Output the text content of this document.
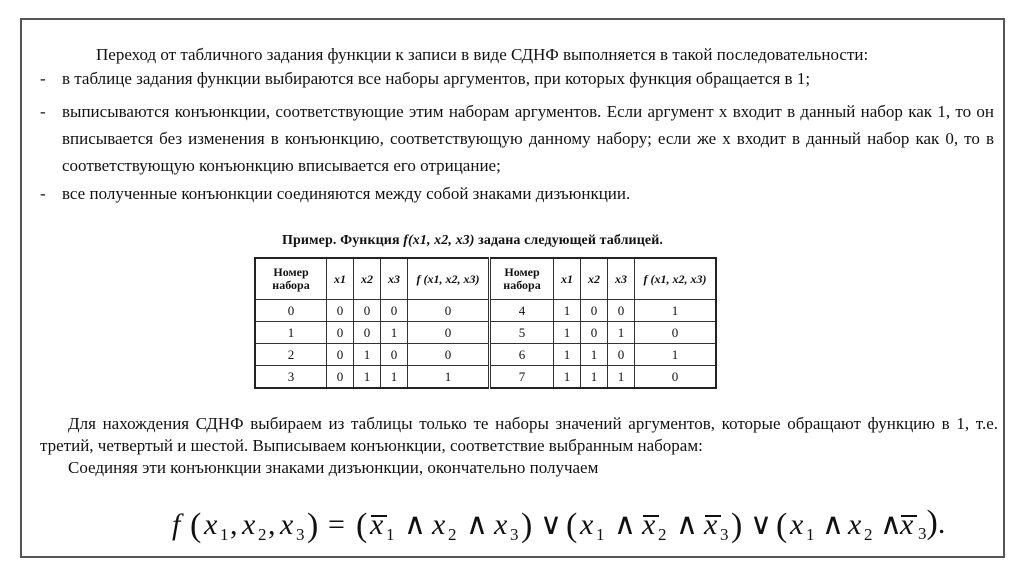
Переход от табличного задания функции к записи в виде СДНФ выполняется в такой последовательности:

- в таблице задания функции выбираются все наборы аргументов, при которых функция обращается в 1;
- выписываются конъюнкции, соответствующие этим наборам аргументов. Если аргумент x входит в данный набор как 1, то он вписывается без изменения в конъюнкцию, соответствующую данному набору; если же x входит в данный набор как 0, то в соответствующую конъюнкцию вписывается его отрицание;
- все полученные конъюнкции соединяются между собой знаками дизъюнкции.
Пример. Функция f(x1, x2, x3) задана следующей таблицей.
Номер набора	x1	x2	x3	f (x1, x2, x3)	Номер набора	x1	x2	x3	f (x1, x2, x3)
0	0	0	0	0	4	1	0	0	1
1	0	0	1	0	5	1	0	1	0
2	0	1	0	0	6	1	1	0	1
3	0	1	1	1	7	1	1	1	0

Для нахождения СДНФ выбираем из таблицы только те наборы значений аргументов, которые обращают функцию в 1, т.е. третий, четвертый и шестой. Выписываем конъюнкции, соответствие выбранным наборам:

Соединяя эти конъюнкции знаками дизъюнкции, окончательно получаем

f ( x 1 , x 2 , x 3 ) = ( x 1 ∧ x 2 ∧ x 3 ) ∨ ( x 1 ∧ x 2 ∧ x 3 ) ∨ ( x 1 ∧ x 2 ∧
x $_3$).
